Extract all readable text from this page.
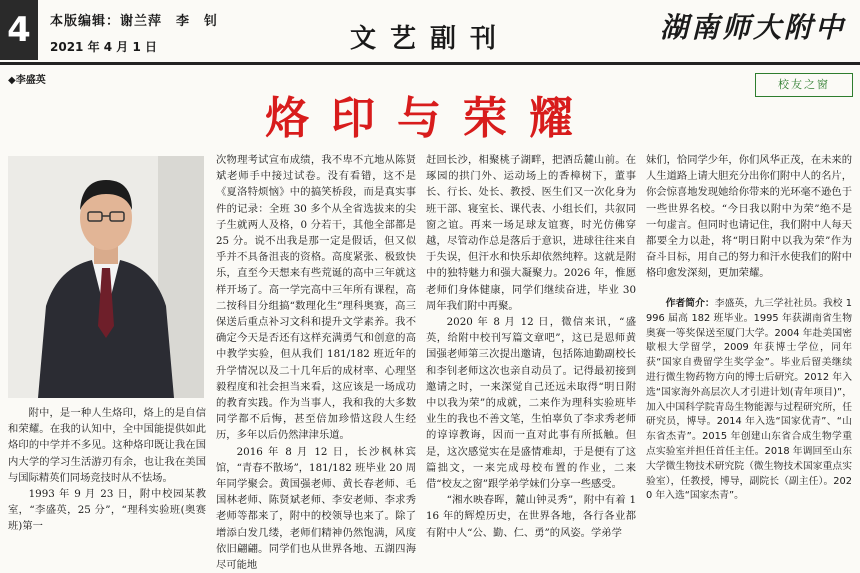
4	本版编辑：谢兰萍　李　钊
2021 年 4 月 1 日	文艺副刊	湖南师大附中
◆李盛英
烙印与荣耀
校友之窗

附中，是一种人生烙印，烙上的是自信和荣耀。在我的认知中，全中国能提供如此烙印的中学并不多见。这种烙印既让我在国内大学的学习生活游刃有余，也让我在美国与国际精英们同场竞技时从不怯场。

1993 年 9 月 23 日，附中校园某教室，“李盛英，25 分”，“理科实验班(奥赛班)第一

次物理考试宣布成绩，我不卑不亢地从陈贤斌老师手中接过试卷。没有看错，这不是《夏洛特烦恼》中的搞笑桥段，而是真实事件的记录：全班 30 多个从全省选拔来的尖子生就两人及格，0 分若干，其他全部都是 25 分。说不出我是那一定是假话，但又似乎并不具备沮丧的资格。高度紧张、极致快乐，直至今天想来有些荒诞的高中三年就这样开场了。高一学完高中三年所有课程，高二按科目分组搞“数理化生”理科奥赛，高三保送后重点补习文科和提升文学素养。我不确定今天是否还有这样充满勇气和创意的高中教学实验，但从我们 181/182 班近年的升学情况以及二十几年后的成材率、心理坚毅程度和社会担当来看，这应该是一场成功的教育实践。作为当事人，我和我的大多数同学都不后悔，甚至倍加珍惜这段人生经历，多年以后仍然津津乐道。

2016 年 8 月 12 日，长沙枫林宾馆，“青春不散场”，181/182 班毕业 20 周年同学聚会。黄国强老师、黄长春老师、毛国林老师、陈贤斌老师、李安老师、李求秀老师等都来了，附中的校领导也来了。除了增添白发几缕，老师们精神仍然饱满，风度依旧翩翩。同学们也从世界各地、五湖四海尽可能地

赶回长沙，相聚桃子湖畔，把酒岳麓山前。在琢园的拱门外、运动场上的香樟树下，董事长、行长、处长、教授、医生们又一次化身为班干部、寝室长、课代表、小组长们，共叙同窗之谊。再来一场足球友谊赛，时光仿佛穿越，尽管动作总是落后于意识，进球往往来自于失误，但汗水和快乐却依然纯粹。这就是附中的独特魅力和强大凝聚力。2026 年，惟愿老师们身体健康，同学们继续奋进，毕业 30 周年我们附中再聚。

2020 年 8 月 12 日，微信来讯，“盛英，给附中校刊写篇文章吧”，这已是恩师黄国强老师第三次提出邀请，包括陈迪勤副校长和李钊老师这次也亲自动员了。记得最初接到邀请之时，一来深觉自己还远未取得“明日附中以我为荣”的成就，二来作为理科实验班毕业生的我也不善文笔，生怕辜负了李求秀老师的谆谆教诲，因而一直对此事有所抵触。但是，这次感觉实在是盛情难却，于是便有了这篇拙文，一来完成母校布置的作业，二来借“校友之窗”跟学弟学妹们分享一些感受。

“湘水映春晖，麓山钟灵秀”，附中有着 116 年的辉煌历史，在世界各地，各行各业都有附中人“公、勤、仁、勇”的风姿。学弟学

妹们，恰同学少年，你们风华正茂，在未来的人生道路上请大胆充分出你们附中人的名片，你会惊喜地发现她给你带来的光环毫不逊色于一些世界名校。“今日我以附中为荣”绝不是一句虚言。但同时也请记住，我们附中人每天都要全力以赴，将“明日附中以我为荣”作为奋斗目标，用自己的努力和汗水使我们的附中格印愈发深刻，更加荣耀。

作者简介：李盛英，九三学社社员。我校 1996 届高 182 班毕业。1995 年获湖南省生物奥赛一等奖保送至厦门大学。2004 年赴美国密歇根大学留学，2009 年获博士学位，同年获“国家自费留学生奖学金”。毕业后留美继续进行微生物药物方向的博士后研究。2012 年入选“国家海外高层次人才引进计划(青年项目)”，加入中国科学院青岛生物能源与过程研究所，任研究员，博导。2014 年入选“国家优青”、“山东省杰青”。2015 年创建山东省合成生物学重点实验室并担任首任主任。2018 年调回至山东大学微生物技术研究院（微生物技术国家重点实验室），任教授，博导，副院长（副主任）。2020 年入选“国家杰青”。
